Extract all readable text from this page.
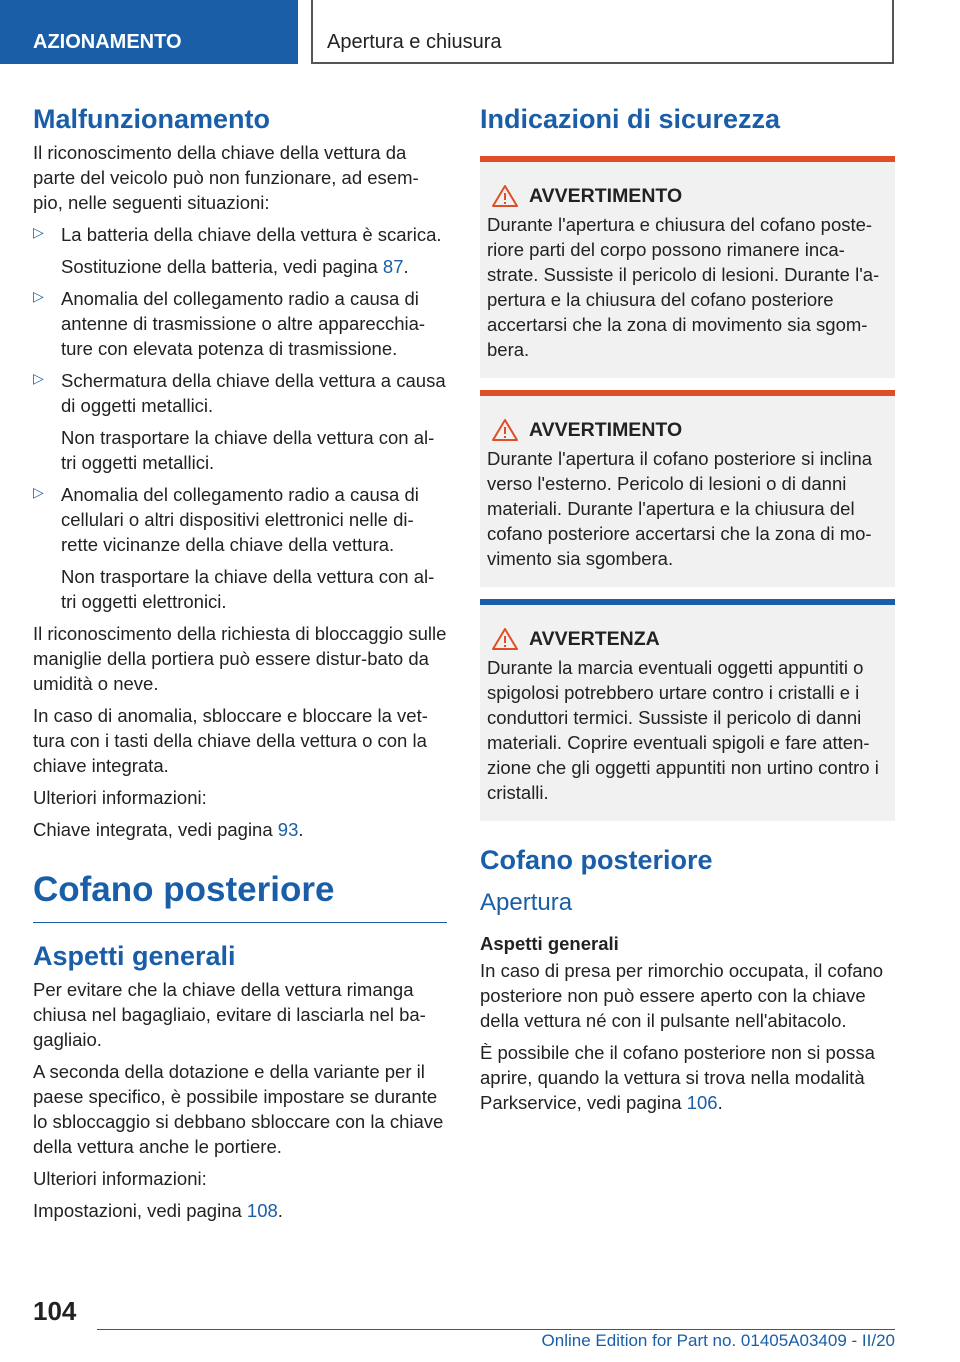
AZIONAMENTO	Apertura e chiusura
Malfunzionamento

Il riconoscimento della chiave della vettura da parte del veicolo può non funzionare, ad esem-pio, nelle seguenti situazioni:

▷ La batteria della chiave della vettura è scarica.

Sostituzione della batteria, vedi pagina 87.

▷ Anomalia del collegamento radio a causa di antenne di trasmissione o altre apparecchia-ture con elevata potenza di trasmissione.

▷ Schermatura della chiave della vettura a causa di oggetti metallici.

Non trasportare la chiave della vettura con al-tri oggetti metallici.

▷ Anomalia del collegamento radio a causa di cellulari o altri dispositivi elettronici nelle di-rette vicinanze della chiave della vettura.

Non trasportare la chiave della vettura con al-tri oggetti elettronici.

Il riconoscimento della richiesta di bloccaggio sulle maniglie della portiera può essere distur-bato da umidità o neve.

In caso di anomalia, sbloccare e bloccare la vet-tura con i tasti della chiave della vettura o con la chiave integrata.

Ulteriori informazioni:

Chiave integrata, vedi pagina 93.

Cofano posteriore
Aspetti generali

Per evitare che la chiave della vettura rimanga chiusa nel bagagliaio, evitare di lasciarla nel ba-gagliaio.

A seconda della dotazione e della variante per il paese specifico, è possibile impostare se durante lo sbloccaggio si debbano sbloccare con la chiave della vettura anche le portiere.

Ulteriori informazioni:

Impostazioni, vedi pagina 108.

Indicazioni di sicurezza
AVVERTIMENTO

Durante l'apertura e chiusura del cofano poste-riore parti del corpo possono rimanere inca-strate. Sussiste il pericolo di lesioni. Durante l'a-pertura e la chiusura del cofano posteriore accertarsi che la zona di movimento sia sgom-bera.

AVVERTIMENTO

Durante l'apertura il cofano posteriore si inclina verso l'esterno. Pericolo di lesioni o di danni materiali. Durante l'apertura e la chiusura del cofano posteriore accertarsi che la zona di mo-vimento sia sgombera.

AVVERTENZA

Durante la marcia eventuali oggetti appuntiti o spigolosi potrebbero urtare contro i cristalli e i conduttori termici. Sussiste il pericolo di danni materiali. Coprire eventuali spigoli e fare atten-zione che gli oggetti appuntiti non urtino contro i cristalli.

Cofano posteriore
Apertura
Aspetti generali

In caso di presa per rimorchio occupata, il cofano posteriore non può essere aperto con la chiave della vettura né con il pulsante nell'abitacolo.

È possibile che il cofano posteriore non si possa aprire, quando la vettura si trova nella modalità Parkservice, vedi pagina 106.

104
Online Edition for Part no. 01405A03409 - II/20
